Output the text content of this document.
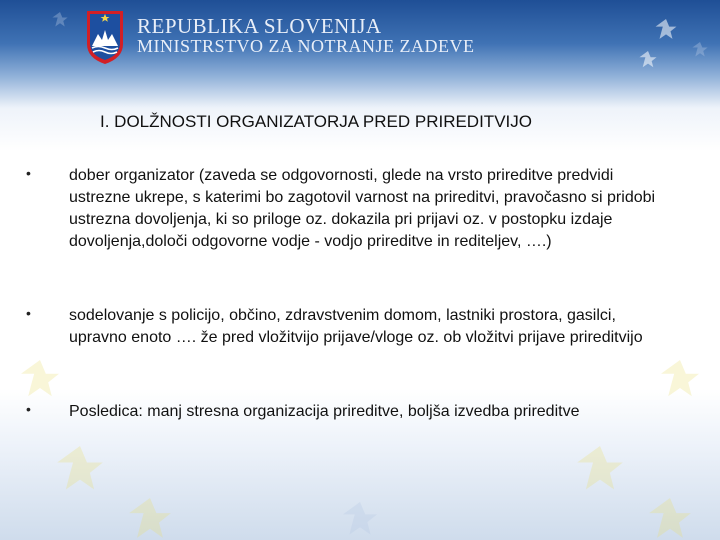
REPUBLIKA SLOVENIJA
MINISTRSTVO ZA NOTRANJE ZADEVE
I. DOLŽNOSTI ORGANIZATORJA PRED PRIREDITVIJO
•	dober organizator (zaveda se odgovornosti, glede na vrsto prireditve predvidi ustrezne ukrepe, s katerimi bo zagotovil varnost na prireditvi, pravočasno si pridobi ustrezna dovoljenja, ki so priloge oz. dokazila pri prijavi oz. v postopku izdaje dovoljenja,določi odgovorne vodje - vodjo prireditve in rediteljev, ….)
•	sodelovanje s policijo, občino, zdravstvenim domom, lastniki prostora, gasilci, upravno enoto …. že pred vložitvijo prijave/vloge oz. ob vložitvi prijave prireditvijo
•	Posledica: manj stresna organizacija prireditve, boljša izvedba prireditve
